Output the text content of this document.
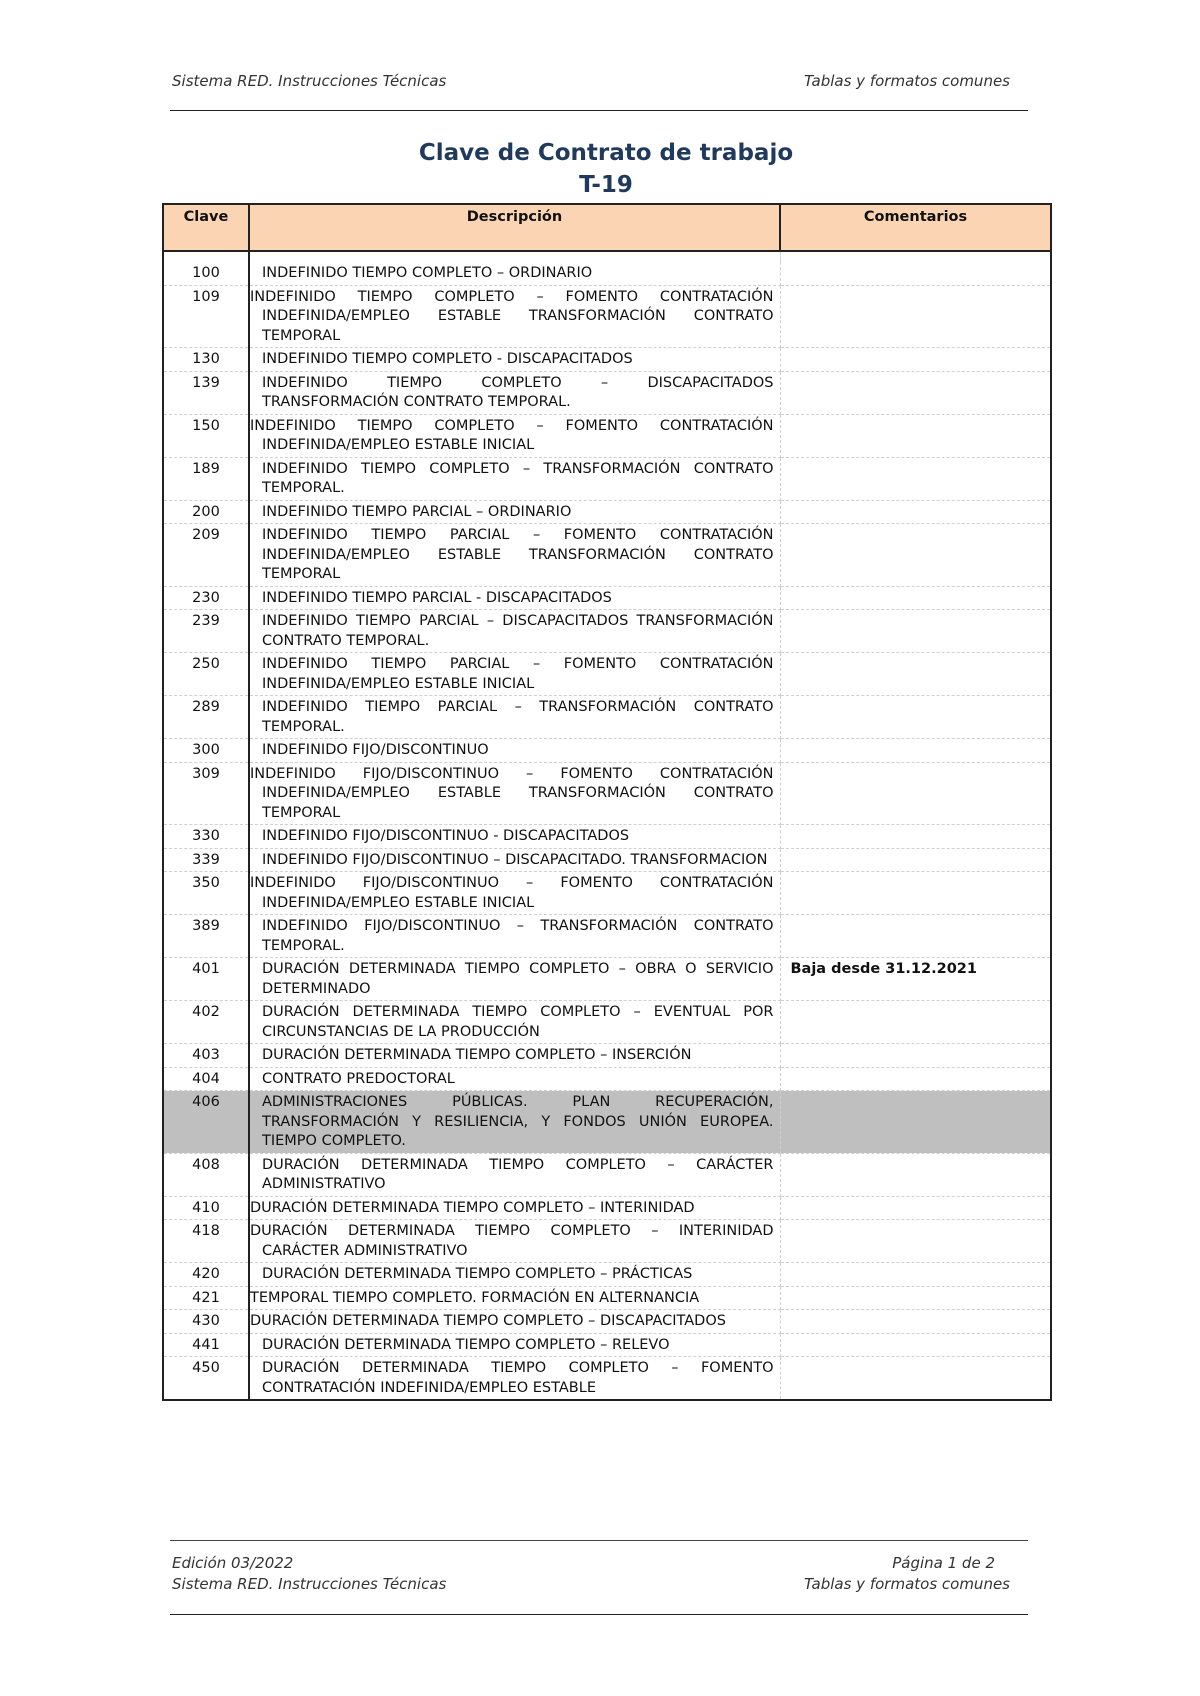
Sistema RED. Instrucciones Técnicas	Tablas y formatos comunes
Clave de Contrato de trabajo
T-19
Clave	Descripción	Comentarios

100	INDEFINIDO TIEMPO COMPLETO – ORDINARIO	
109	INDEFINIDO TIEMPO COMPLETO – FOMENTO CONTRATACIÓN INDEFINIDA/EMPLEO ESTABLE TRANSFORMACIÓN CONTRATO TEMPORAL	
130	INDEFINIDO TIEMPO COMPLETO - DISCAPACITADOS	
139	INDEFINIDO TIEMPO COMPLETO – DISCAPACITADOS TRANSFORMACIÓN CONTRATO TEMPORAL.	
150	INDEFINIDO TIEMPO COMPLETO – FOMENTO CONTRATACIÓN INDEFINIDA/EMPLEO ESTABLE INICIAL	
189	INDEFINIDO TIEMPO COMPLETO – TRANSFORMACIÓN CONTRATO TEMPORAL.	
200	INDEFINIDO TIEMPO PARCIAL – ORDINARIO	
209	INDEFINIDO TIEMPO PARCIAL – FOMENTO CONTRATACIÓN INDEFINIDA/EMPLEO ESTABLE TRANSFORMACIÓN CONTRATO TEMPORAL	
230	INDEFINIDO TIEMPO PARCIAL - DISCAPACITADOS	
239	INDEFINIDO TIEMPO PARCIAL – DISCAPACITADOS TRANSFORMACIÓN CONTRATO TEMPORAL.	
250	INDEFINIDO TIEMPO PARCIAL – FOMENTO CONTRATACIÓN INDEFINIDA/EMPLEO ESTABLE INICIAL	
289	INDEFINIDO TIEMPO PARCIAL – TRANSFORMACIÓN CONTRATO TEMPORAL.	
300	INDEFINIDO FIJO/DISCONTINUO	
309	INDEFINIDO FIJO/DISCONTINUO – FOMENTO CONTRATACIÓN INDEFINIDA/EMPLEO ESTABLE TRANSFORMACIÓN CONTRATO TEMPORAL	
330	INDEFINIDO FIJO/DISCONTINUO - DISCAPACITADOS	
339	INDEFINIDO FIJO/DISCONTINUO – DISCAPACITADO. TRANSFORMACION	
350	INDEFINIDO FIJO/DISCONTINUO – FOMENTO CONTRATACIÓN INDEFINIDA/EMPLEO ESTABLE INICIAL	
389	INDEFINIDO FIJO/DISCONTINUO – TRANSFORMACIÓN CONTRATO TEMPORAL.	
401	DURACIÓN DETERMINADA TIEMPO COMPLETO – OBRA O SERVICIO DETERMINADO	Baja desde 31.12.2021
402	DURACIÓN DETERMINADA TIEMPO COMPLETO – EVENTUAL POR CIRCUNSTANCIAS DE LA PRODUCCIÓN	
403	DURACIÓN DETERMINADA TIEMPO COMPLETO – INSERCIÓN	
404	CONTRATO PREDOCTORAL	
406	ADMINISTRACIONES PÚBLICAS. PLAN RECUPERACIÓN, TRANSFORMACIÓN Y RESILIENCIA, Y FONDOS UNIÓN EUROPEA. TIEMPO COMPLETO.	
408	DURACIÓN DETERMINADA TIEMPO COMPLETO – CARÁCTER ADMINISTRATIVO	
410	DURACIÓN DETERMINADA TIEMPO COMPLETO – INTERINIDAD	
418	DURACIÓN DETERMINADA TIEMPO COMPLETO – INTERINIDAD CARÁCTER ADMINISTRATIVO	
420	DURACIÓN DETERMINADA TIEMPO COMPLETO – PRÁCTICAS	
421	TEMPORAL TIEMPO COMPLETO. FORMACIÓN EN ALTERNANCIA	
430	DURACIÓN DETERMINADA TIEMPO COMPLETO – DISCAPACITADOS	
441	DURACIÓN DETERMINADA TIEMPO COMPLETO – RELEVO	
450	DURACIÓN DETERMINADA TIEMPO COMPLETO – FOMENTO CONTRATACIÓN INDEFINIDA/EMPLEO ESTABLE	
Edición 03/2022	Página 1 de 2
Sistema RED. Instrucciones Técnicas	Tablas y formatos comunes
